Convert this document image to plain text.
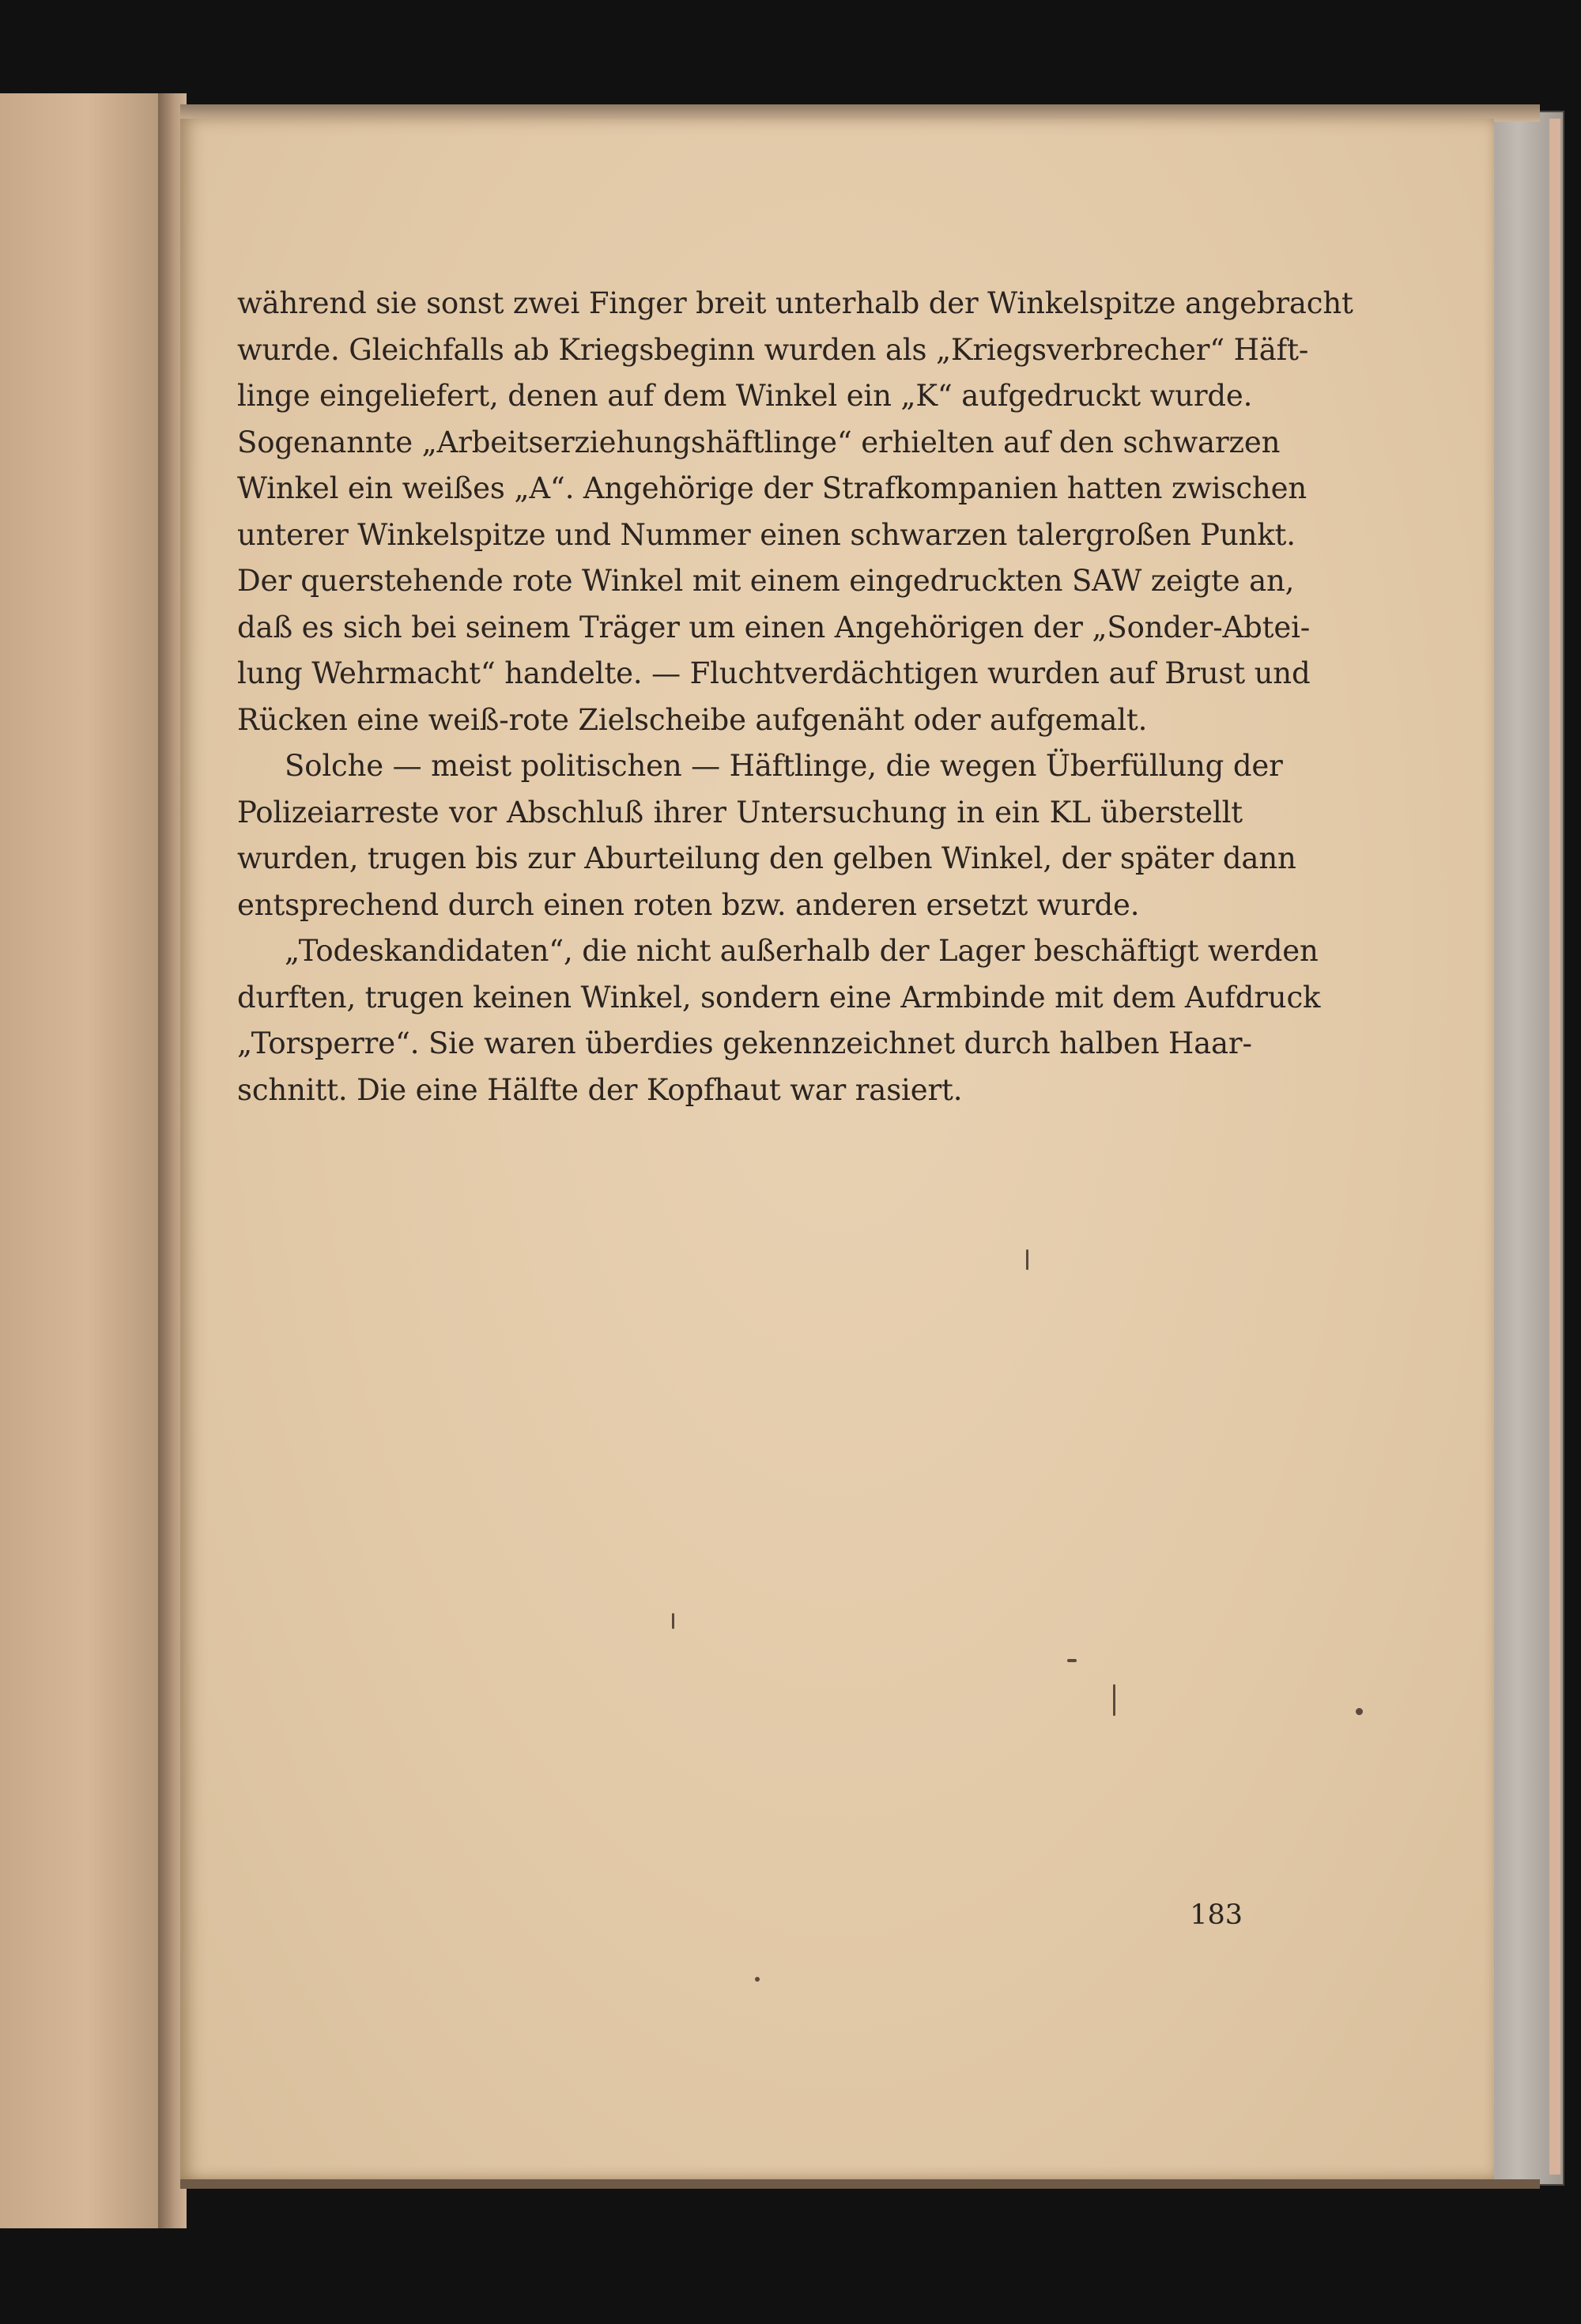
während sie sonst zwei Finger breit unterhalb der Winkelspitze angebracht
wurde. Gleichfalls ab Kriegsbeginn wurden als „Kriegsverbrecher“ Häft-
linge eingeliefert, denen auf dem Winkel ein „K“ aufgedruckt wurde.
Sogenannte „Arbeitserziehungshäftlinge“ erhielten auf den schwarzen
Winkel ein weißes „A“. Angehörige der Strafkompanien hatten zwischen
unterer Winkelspitze und Nummer einen schwarzen talergroßen Punkt.
Der querstehende rote Winkel mit einem eingedruckten SAW zeigte an,
daß es sich bei seinem Träger um einen Angehörigen der „Sonder-Abtei-
lung Wehrmacht“ handelte. — Fluchtverdächtigen wurden auf Brust und
Rücken eine weiß-rote Zielscheibe aufgenäht oder aufgemalt.

Solche — meist politischen — Häftlinge, die wegen Überfüllung der
Polizeiarreste vor Abschluß ihrer Untersuchung in ein KL überstellt
wurden, trugen bis zur Aburteilung den gelben Winkel, der später dann
entsprechend durch einen roten bzw. anderen ersetzt wurde.

„Todeskandidaten“, die nicht außerhalb der Lager beschäftigt werden
durften, trugen keinen Winkel, sondern eine Armbinde mit dem Aufdruck
„Torsperre“. Sie waren überdies gekennzeichnet durch halben Haar-
schnitt. Die eine Hälfte der Kopfhaut war rasiert.

183
